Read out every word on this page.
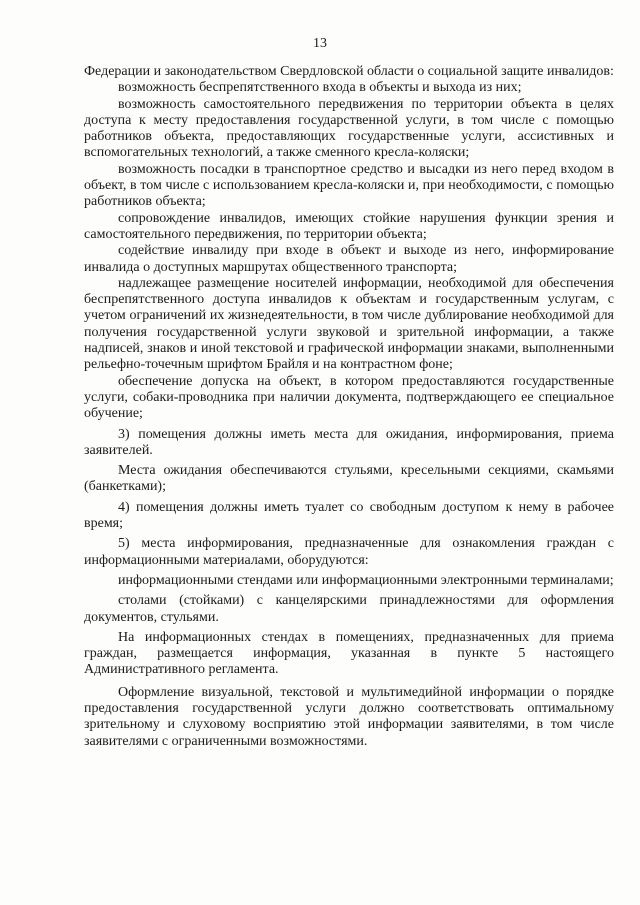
13

Федерации и законодательством Свердловской области о социальной защите инвалидов:

возможность беспрепятственного входа в объекты и выхода из них;

возможность самостоятельного передвижения по территории объекта в целях доступа к месту предоставления государственной услуги, в том числе с помощью работников объекта, предоставляющих государственные услуги, ассистивных и вспомогательных технологий, а также сменного кресла-коляски;

возможность посадки в транспортное средство и высадки из него перед входом в объект, в том числе с использованием кресла-коляски и, при необходимости, с помощью работников объекта;

сопровождение инвалидов, имеющих стойкие нарушения функции зрения и самостоятельного передвижения, по территории объекта;

содействие инвалиду при входе в объект и выходе из него, информирование инвалида о доступных маршрутах общественного транспорта;

надлежащее размещение носителей информации, необходимой для обеспечения беспрепятственного доступа инвалидов к объектам и государственным услугам, с учетом ограничений их жизнедеятельности, в том числе дублирование необходимой для получения государственной услуги звуковой и зрительной информации, а также надписей, знаков и иной текстовой и графической информации знаками, выполненными рельефно-точечным шрифтом Брайля и на контрастном фоне;

обеспечение допуска на объект, в котором предоставляются государственные услуги, собаки-проводника при наличии документа, подтверждающего ее специальное обучение;

3) помещения должны иметь места для ожидания, информирования, приема заявителей.

Места ожидания обеспечиваются стульями, кресельными секциями, скамьями (банкетками);

4) помещения должны иметь туалет со свободным доступом к нему в рабочее время;

5) места информирования, предназначенные для ознакомления граждан с информационными материалами, оборудуются:

информационными стендами или информационными электронными терминалами;

столами (стойками) с канцелярскими принадлежностями для оформления документов, стульями.

На информационных стендах в помещениях, предназначенных для приема граждан, размещается информация, указанная в пункте 5 настоящего Административного регламента.

Оформление визуальной, текстовой и мультимедийной информации о порядке предоставления государственной услуги должно соответствовать оптимальному зрительному и слуховому восприятию этой информации заявителями, в том числе заявителями с ограниченными возможностями.
